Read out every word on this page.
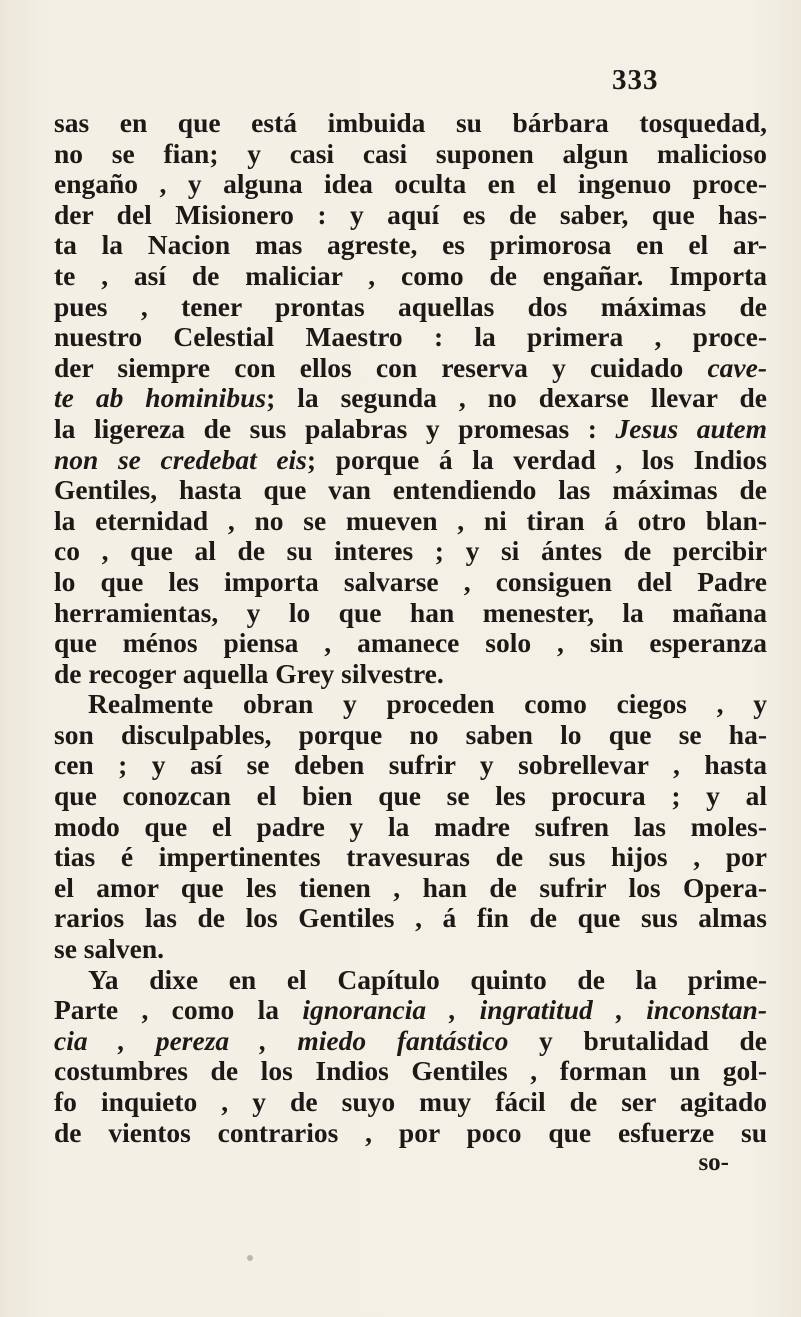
333
sas en que está imbuida su bárbara tosquedad,
no se fian; y casi casi suponen algun malicioso
engaño , y alguna idea oculta en el ingenuo proce-
der del Misionero : y aquí es de saber, que has-
ta la Nacion mas agreste, es primorosa en el ar-
te , así de maliciar , como de engañar. Importa
pues , tener prontas aquellas dos máximas de
nuestro Celestial Maestro : la primera , proce-
der siempre con ellos con reserva y cuidado cave-
te ab hominibus; la segunda , no dexarse llevar de
la ligereza de sus palabras y promesas : Jesus autem
non se credebat eis; porque á la verdad , los Indios
Gentiles, hasta que van entendiendo las máximas de
la eternidad , no se mueven , ni tiran á otro blan-
co , que al de su interes ; y si ántes de percibir
lo que les importa salvarse , consiguen del Padre
herramientas, y lo que han menester, la mañana
que ménos piensa , amanece solo , sin esperanza
de recoger aquella Grey silvestre.
Realmente obran y proceden como ciegos , y
son disculpables, porque no saben lo que se ha-
cen ; y así se deben sufrir y sobrellevar , hasta
que conozcan el bien que se les procura ; y al
modo que el padre y la madre sufren las moles-
tias é impertinentes travesuras de sus hijos , por
el amor que les tienen , han de sufrir los Opera-
rarios las de los Gentiles , á fin de que sus almas
se salven.
Ya dixe en el Capítulo quinto de la prime-
Parte , como la ignorancia , ingratitud , inconstan-
cia , pereza , miedo fantástico y brutalidad de
costumbres de los Indios Gentiles , forman un gol-
fo inquieto , y de suyo muy fácil de ser agitado
de vientos contrarios , por poco que esfuerze su
so-
